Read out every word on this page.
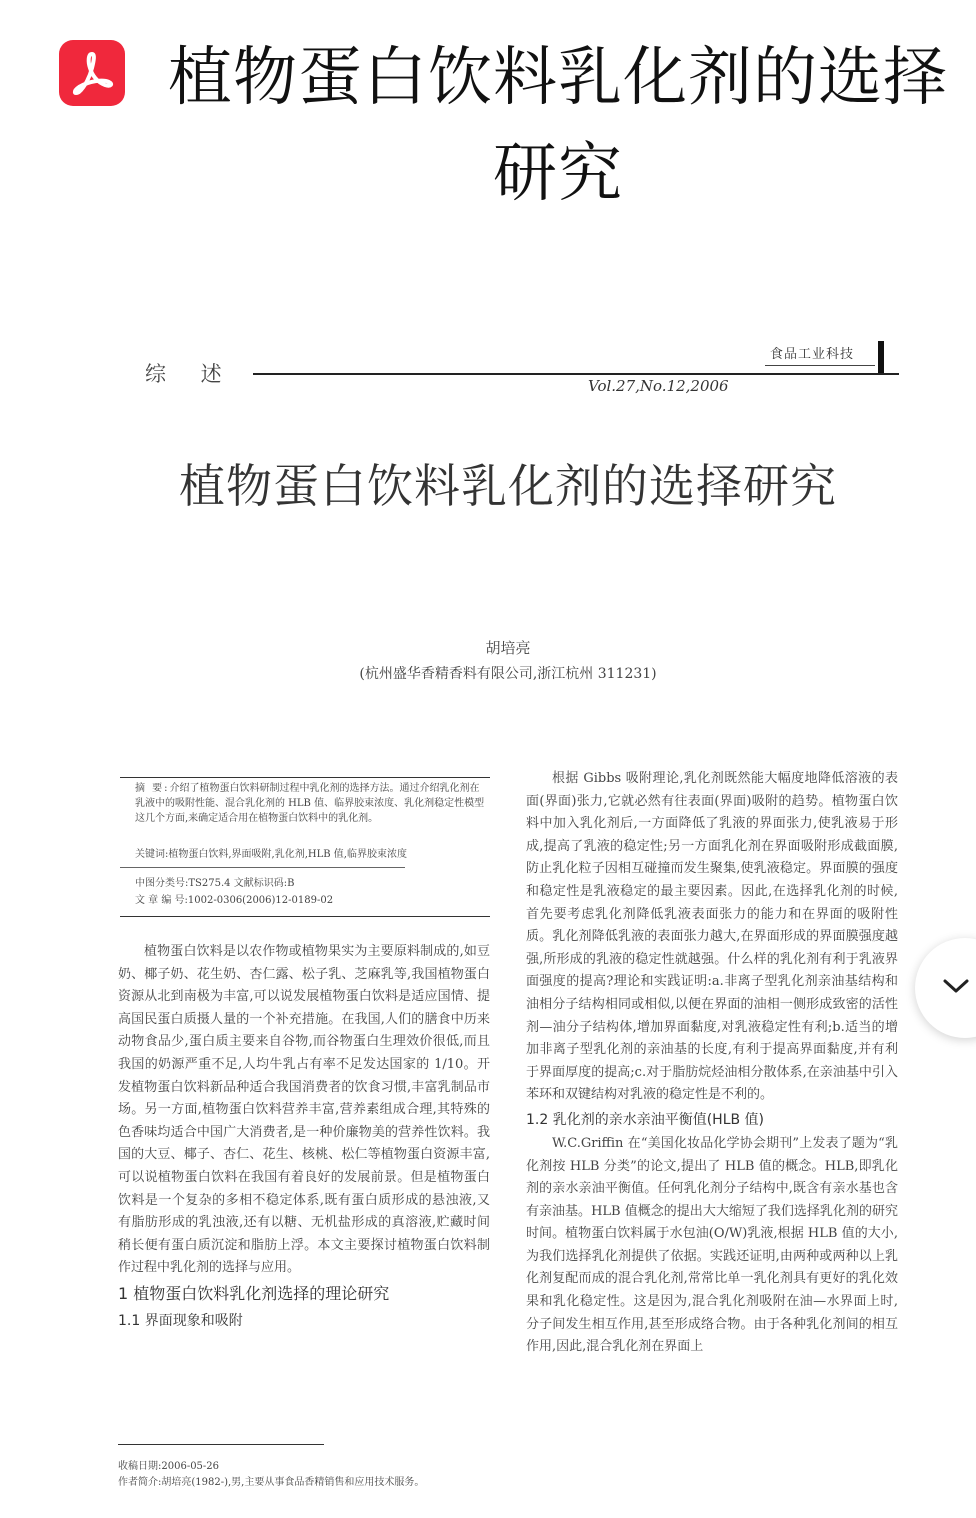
植物蛋白饮料乳化剂的选择
研究
综 述
食品工业科技
Vol.27,No.12,2006
植物蛋白饮料乳化剂的选择研究
胡培亮
(杭州盛华香精香料有限公司,浙江杭州 311231)
摘 要:介绍了植物蛋白饮料研制过程中乳化剂的选择方法。通过介绍乳化剂在乳液中的吸附性能、混合乳化剂的 HLB 值、临界胶束浓度、乳化剂稳定性模型这几个方面,来确定适合用在植物蛋白饮料中的乳化剂。
关键词:植物蛋白饮料,界面吸附,乳化剂,HLB 值,临界胶束浓度
中图分类号:TS275.4 文献标识码:B
文 章 编 号:1002-0306(2006)12-0189-02

植物蛋白饮料是以农作物或植物果实为主要原料制成的,如豆奶、椰子奶、花生奶、杏仁露、松子乳、芝麻乳等,我国植物蛋白资源从北到南极为丰富,可以说发展植物蛋白饮料是适应国情、提高国民蛋白质摄人量的一个补充措施。在我国,人们的膳食中历来动物食品少,蛋白质主要来自谷物,而谷物蛋白生理效价很低,而且我国的奶源严重不足,人均牛乳占有率不足发达国家的 1/10。开发植物蛋白饮料新品种适合我国消费者的饮食习惯,丰富乳制品市场。另一方面,植物蛋白饮料营养丰富,营养素组成合理,其特殊的色香味均适合中国广大消费者,是一种价廉物美的营养性饮料。我国的大豆、椰子、杏仁、花生、核桃、松仁等植物蛋白资源丰富,可以说植物蛋白饮料在我国有着良好的发展前景。但是植物蛋白饮料是一个复杂的多相不稳定体系,既有蛋白质形成的悬浊液,又有脂肪形成的乳浊液,还有以糖、无机盐形成的真溶液,贮藏时间稍长便有蛋白质沉淀和脂肪上浮。本文主要探讨植物蛋白饮料制作过程中乳化剂的选择与应用。

1 植物蛋白饮料乳化剂选择的理论研究

1.1 界面现象和吸附

根据 Gibbs 吸附理论,乳化剂既然能大幅度地降低溶液的表面(界面)张力,它就必然有往表面(界面)吸附的趋势。植物蛋白饮料中加入乳化剂后,一方面降低了乳液的界面张力,使乳液易于形成,提高了乳液的稳定性;另一方面乳化剂在界面吸附形成截面膜,防止乳化粒子因相互碰撞而发生聚集,使乳液稳定。界面膜的强度和稳定性是乳液稳定的最主要因素。因此,在选择乳化剂的时候,首先要考虑乳化剂降低乳液表面张力的能力和在界面的吸附性质。乳化剂降低乳液的表面张力越大,在界面形成的界面膜强度越强,所形成的乳液的稳定性就越强。什么样的乳化剂有利于乳液界面强度的提高?理论和实践证明:a.非离子型乳化剂亲油基结构和油相分子结构相同或相似,以便在界面的油相一侧形成致密的活性剂—油分子结构体,增加界面黏度,对乳液稳定性有利;b.适当的增加非离子型乳化剂的亲油基的长度,有利于提高界面黏度,并有利于界面厚度的提高;c.对于脂肪烷烃油相分散体系,在亲油基中引入苯环和双键结构对乳液的稳定性是不利的。

1.2 乳化剂的亲水亲油平衡值(HLB 值)

W.C.Griffin 在“美国化妆品化学协会期刊”上发表了题为“乳化剂按 HLB 分类”的论文,提出了 HLB 值的概念。HLB,即乳化剂的亲水亲油平衡值。任何乳化剂分子结构中,既含有亲水基也含有亲油基。HLB 值概念的提出大大缩短了我们选择乳化剂的研究时间。植物蛋白饮料属于水包油(O/W)乳液,根据 HLB 值的大小,为我们选择乳化剂提供了依据。实践还证明,由两种或两种以上乳化剂复配而成的混合乳化剂,常常比单一乳化剂具有更好的乳化效果和乳化稳定性。这是因为,混合乳化剂吸附在油—水界面上时,分子间发生相互作用,甚至形成络合物。由于各种乳化剂间的相互作用,因此,混合乳化剂在界面上

收稿日期:2006-05-26
作者简介:胡培亮(1982-),男,主要从事食品香精销售和应用技术服务。
